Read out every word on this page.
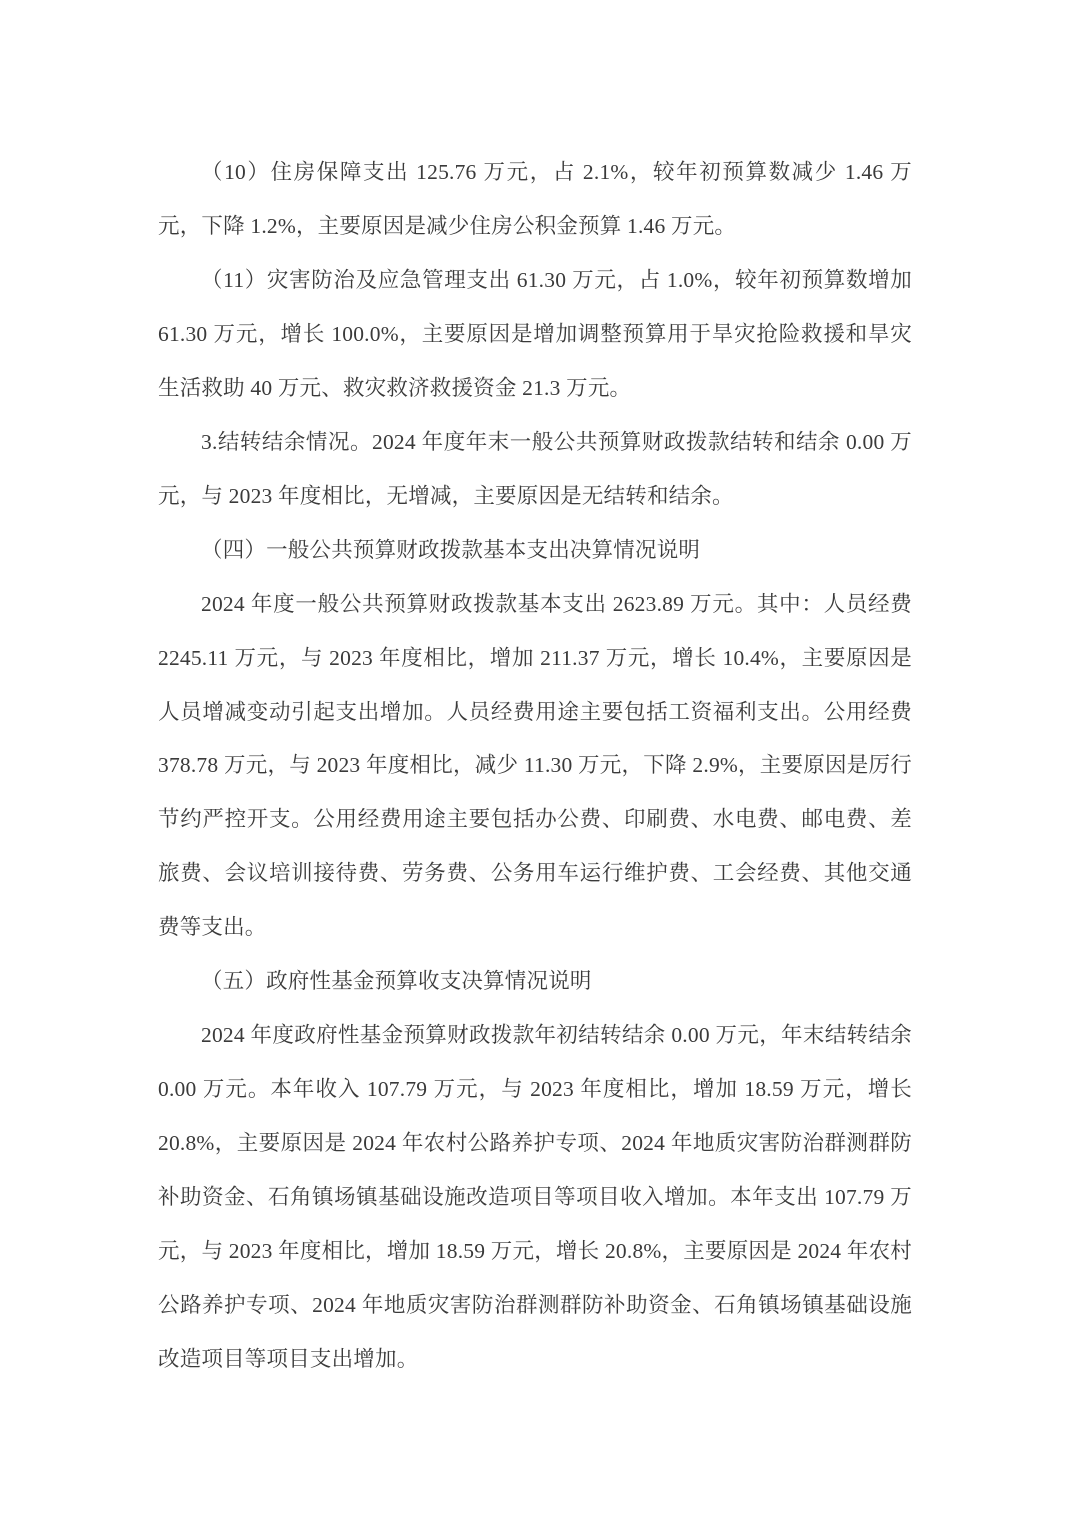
（10）住房保障支出 125.76 万元，占 2.1%，较年初预算数减少 1.46 万元，下降 1.2%，主要原因是减少住房公积金预算 1.46 万元。

（11）灾害防治及应急管理支出 61.30 万元，占 1.0%，较年初预算数增加 61.30 万元，增长 100.0%，主要原因是增加调整预算用于旱灾抢险救援和旱灾生活救助 40 万元、救灾救济救援资金 21.3 万元。

3.结转结余情况。2024 年度年末一般公共预算财政拨款结转和结余 0.00 万元，与 2023 年度相比，无增减，主要原因是无结转和结余。

（四）一般公共预算财政拨款基本支出决算情况说明

2024 年度一般公共预算财政拨款基本支出 2623.89 万元。其中：人员经费 2245.11 万元，与 2023 年度相比，增加 211.37 万元，增长 10.4%，主要原因是人员增减变动引起支出增加。人员经费用途主要包括工资福利支出。公用经费 378.78 万元，与 2023 年度相比，减少 11.30 万元，下降 2.9%，主要原因是厉行节约严控开支。公用经费用途主要包括办公费、印刷费、水电费、邮电费、差旅费、会议培训接待费、劳务费、公务用车运行维护费、工会经费、其他交通费等支出。

（五）政府性基金预算收支决算情况说明

2024 年度政府性基金预算财政拨款年初结转结余 0.00 万元，年末结转结余 0.00 万元。本年收入 107.79 万元，与 2023 年度相比，增加 18.59 万元，增长 20.8%，主要原因是 2024 年农村公路养护专项、2024 年地质灾害防治群测群防补助资金、石角镇场镇基础设施改造项目等项目收入增加。本年支出 107.79 万元，与 2023 年度相比，增加 18.59 万元，增长 20.8%，主要原因是 2024 年农村公路养护专项、2024 年地质灾害防治群测群防补助资金、石角镇场镇基础设施改造项目等项目支出增加。
